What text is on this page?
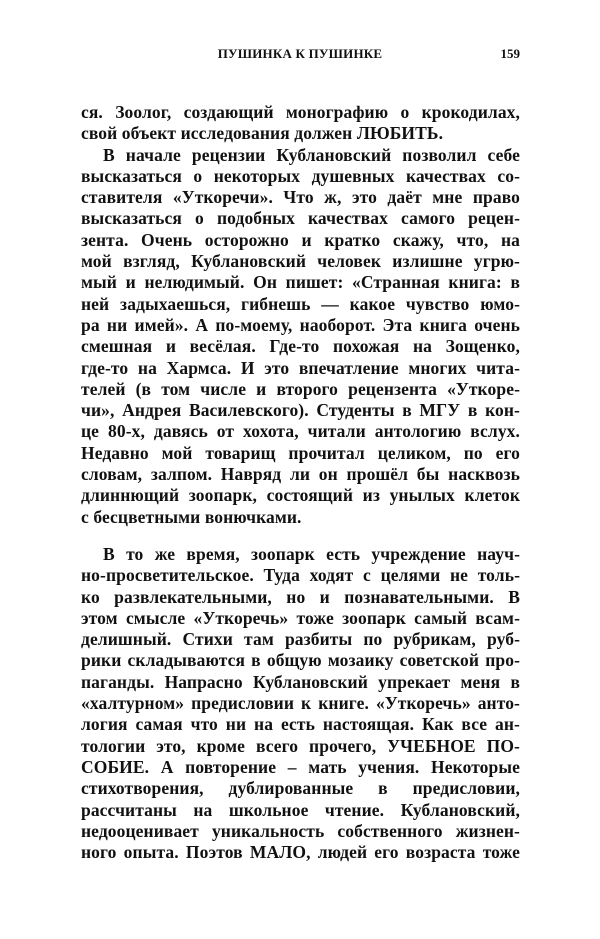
ПУШИНКА К ПУШИНКЕ	159
ся. Зоолог, создающий монографию о крокодилах,
свой объект исследования должен ЛЮБИТЬ.
В начале рецензии Кублановский позволил себе
высказаться о некоторых душевных качествах со-
ставителя «Уткоречи». Что ж, это даёт мне право
высказаться о подобных качествах самого рецен-
зента. Очень осторожно и кратко скажу, что, на
мой взгляд, Кублановский человек излишне угрю-
мый и нелюдимый. Он пишет: «Странная книга: в
ней задыхаешься, гибнешь — какое чувство юмо-
ра ни имей». А по-моему, наоборот. Эта книга очень
смешная и весёлая. Где-то похожая на Зощенко,
где-то на Хармса. И это впечатление многих чита-
телей (в том числе и второго рецензента «Уткоре-
чи», Андрея Василевского). Студенты в МГУ в кон-
це 80-х, давясь от хохота, читали антологию вслух.
Недавно мой товарищ прочитал целиком, по его
словам, залпом. Навряд ли он прошёл бы насквозь
длиннющий зоопарк, состоящий из унылых клеток
с бесцветными вонючками.
В то же время, зоопарк есть учреждение науч-
но-просветительское. Туда ходят с целями не толь-
ко развлекательными, но и познавательными. В
этом смысле «Уткоречь» тоже зоопарк самый всам-
делишный. Стихи там разбиты по рубрикам, руб-
рики складываются в общую мозаику советской про-
паганды. Напрасно Кублановский упрекает меня в
«халтурном» предисловии к книге. «Уткоречь» анто-
логия самая что ни на есть настоящая. Как все ан-
тологии это, кроме всего прочего, УЧЕБНОЕ ПО-
СОБИЕ. А повторение – мать учения. Некоторые
стихотворения, дублированные в предисловии,
рассчитаны на школьное чтение. Кублановский,
недооценивает уникальность собственного жизнен-
ного опыта. Поэтов МАЛО, людей его возраста тоже
